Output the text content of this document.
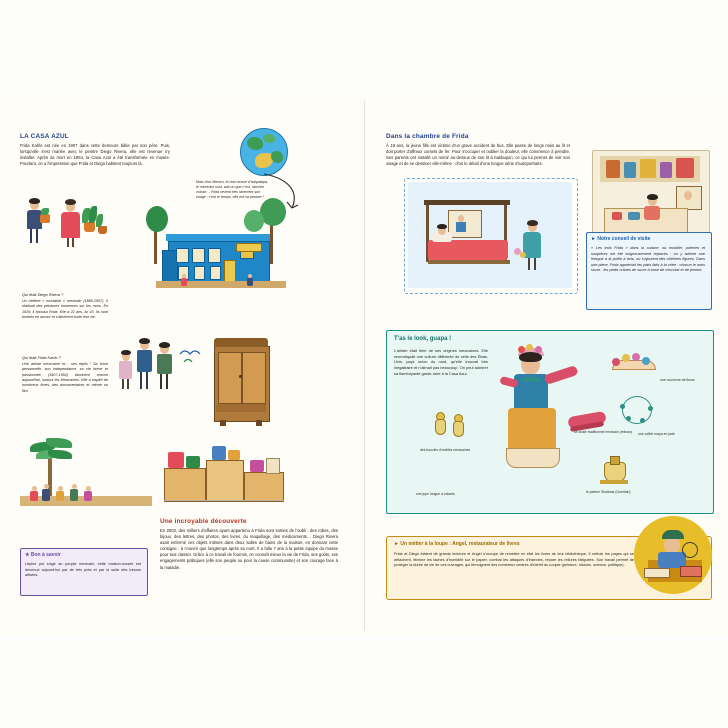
LA CASA AZUL
Frida Kahlo est née en 1907 dans cette demeure bâtie par son père. Puis, lorsqu'elle s'est mariée avec le peintre Diego Rivera, elle est revenue s'y installer. Après sa mort en 1954, la Casa Azul a été transformée en musée. Pourtant, on a l'impression que Frida et Diego habitent toujours là.
Mais d'où Mexico, le nom actuel d'Iztapalapa, le mexicain sont, sait-on que c'est, l'ancien volcan… Frida revient très rarement son image : c'est le temps, elle est sa pensée !
Qui était Diego Rivera ?
Un célèbre « muraliste » mexicain (1886-1957). Il réalisait des peintures immenses sur les murs. En 1929, il épousa Frida. Elle a 22 ans, lui 43. Ils sont tombés en amour et s'aimèrent toute leur vie.
Qui était Frida Kahlo ?
Une artiste mexicaine et… ses replis ! Sa force personnelle, son indépendance, sa vie brève et passionnée (1907-1954) fascinent encore aujourd'hui, surtout les Mexicaines. Elle a inspiré de nombreux livres, des documentaires et même un film.
★ Bon à savoir
Lépine put s'agir au peuple mexicain, cette maison-musée est devenue aujourd'hui par de très près et par la suite des trésors artistes.
Une incroyable découverte
En 2003, des milliers d'affaires ayant appartenu à Frida sont sorties de l'oubli : des robes, des bijoux, des lettres, des photos, des livres, du maquillage, des médicaments… Diego Rivera avait enfermé ces objets intimes dans deux salles de bains de la maison, en donnant cette consigne : à n'ouvrir que longtemps après sa mort. Il a fallu 7 ans à la petite équipe du musée pour tout classer. Grâce à ce travail de fourmis, on connaît mieux la vie de Frida, ses goûts, ses engagements politiques (elle son peuple ou pour la cause communiste) et son courage face à la maladie.
Dans la chambre de Frida
À 18 ans, la jeune fille est victime d'un grave accident de bus. Elle passe de longs mois au lit et doit porter d'affreux corsets de fer. Pour s'occuper et oublier la douleur, elle commence à peindre. Ses parents ont installé un miroir au-dessus de son lit à baldaquin, ce qui lui permet de voir son visage et de se dessiner elle-même : d'où le détail d'une longue série d'autoportraits.
► Notre conseil de visite
« Les trois Frida » dans la cuisine, où mobilier, poteries et soupières ont été soigneusement replacés : on y admire une fresque à la poêle à bois, où s'ajoutent des célèbres figures. Dans une pièce, Frida appréciait les plats faits à la criée : chacun le mois sucre : les petits crânes de sucre à base de chocolat et de piment.
T'as le look, guapa !
L'artiste était fière de ses origines mexicaines. Elle revendiquait une culture différente de celle des États-Unis, pays union du nord, qu'elle trouvait très inégalitaire et n'aimait pas beaucoup. On peut admirer sa flamboyante garde-robe à la Casa Azul.
une couronne de fleurs
une collier maya en jade
des boucles d'oreilles mexicaines
un châle traditionnel mexicain (rebozo)
une jupe longue à volants	le parfum Shalimar (Guerlain)
► Un métier à la loupe : Angel, restaurateur de livres
Frida et Diego étaient de grands lecteurs et Angel s'occupe de remettre en état les livres de leur bibliothèque. Il nettoie les pages qui se détachent, élimine les taches d'humidité sur le papier, combat les attaques d'insectes, répare les reliures fatiguées. Son travail permet de protéger la durée de vie de ces ouvrages, qui témoignent des nombreux centres d'intérêt du couple (peinture, histoire, science, politique).
